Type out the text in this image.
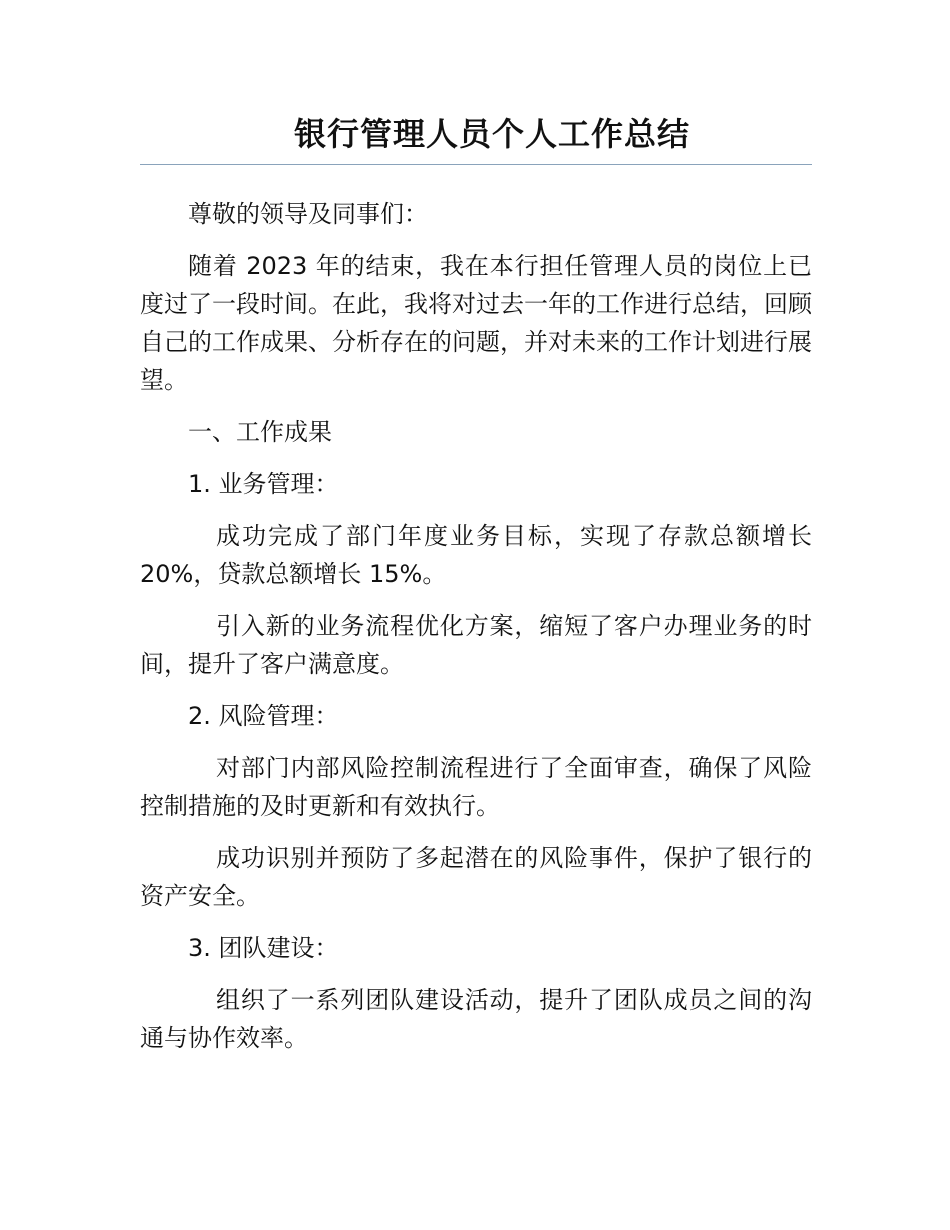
银行管理人员个人工作总结

尊敬的领导及同事们：

随着 2023 年的结束，我在本行担任管理人员的岗位上已度过了一段时间。在此，我将对过去一年的工作进行总结，回顾自己的工作成果、分析存在的问题，并对未来的工作计划进行展望。

一、工作成果

1. 业务管理：

成功完成了部门年度业务目标，实现了存款总额增长 20%，贷款总额增长 15%。

引入新的业务流程优化方案，缩短了客户办理业务的时间，提升了客户满意度。

2. 风险管理：

对部门内部风险控制流程进行了全面审查，确保了风险控制措施的及时更新和有效执行。

成功识别并预防了多起潜在的风险事件，保护了银行的资产安全。

3. 团队建设：

组织了一系列团队建设活动，提升了团队成员之间的沟通与协作效率。
